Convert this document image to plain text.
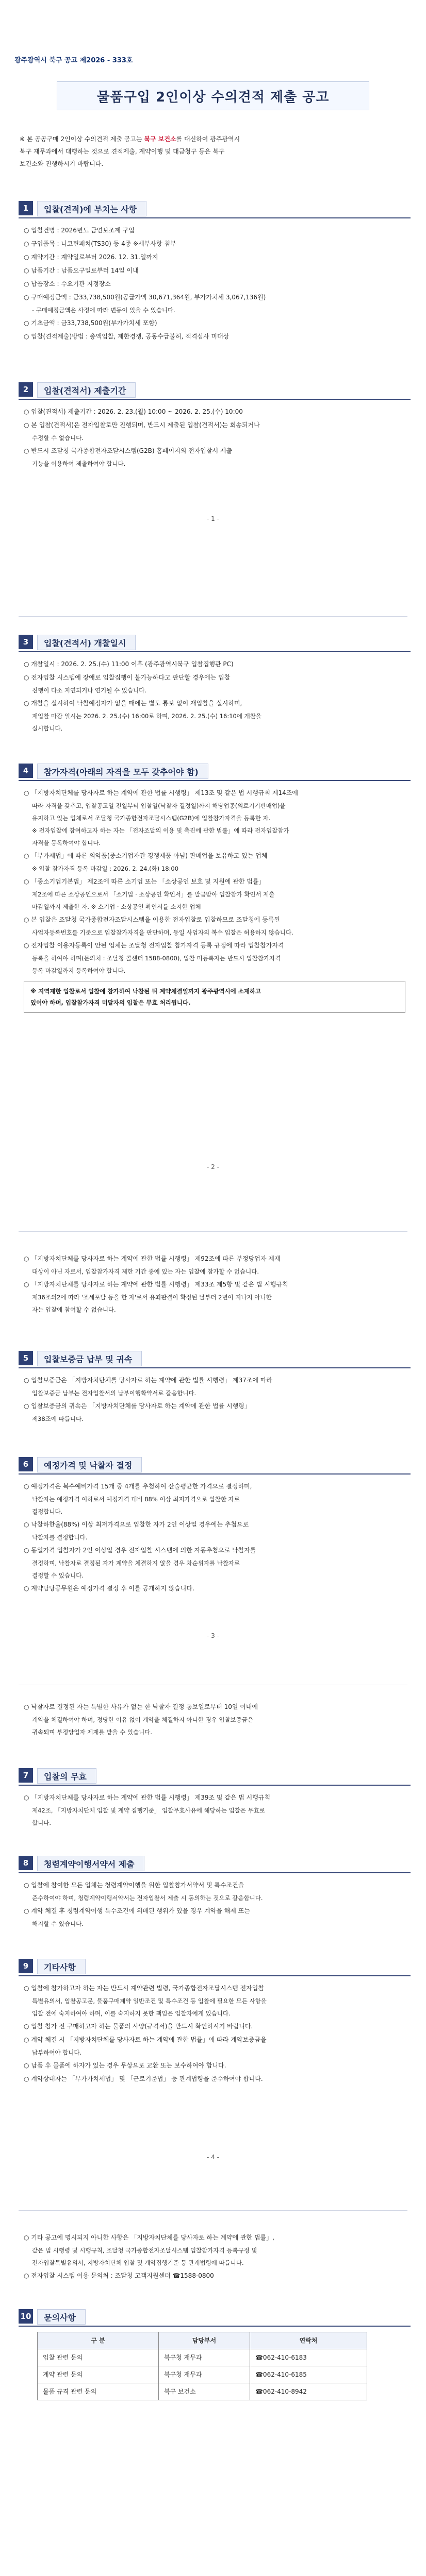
광주광역시 북구 공고 제2026 - 333호
물품구입 2인이상 수의견적 제출 공고
※ 본 공공구매 2인이상 수의견적 제출 공고는 북구 보건소를 대신하여 광주광역시
북구 재무과에서 대행하는 것으로 견적제출, 계약이행 및 대금청구 등은 북구
보건소와 진행하시기 바랍니다.
1	입찰(견적)에 부치는 사항
○ 입찰건명 : 2026년도 금연보조제 구입
○ 구입품목 : 니코틴패치(TS30) 등 4종 ※세부사항 첨부
○ 계약기간 : 계약일로부터 2026. 12. 31.일까지
○ 납품기간 : 납품요구일로부터 14일 이내
○ 납품장소 : 수요기관 지정장소
○ 구매예정금액 : 금33,738,500원(공급가액 30,671,364원, 부가가치세 3,067,136원)
- 구매예정금액은 사정에 따라 변동이 있을 수 있습니다.
○ 기초금액 : 금33,738,500원(부가가치세 포함)
○ 입찰(견적제출)방법 : 총액입찰, 제한경쟁, 공동수급불허, 적격심사 미대상
2	입찰(견적서) 제출기간
○ 입찰(견적서) 제출기간 : 2026. 2. 23.(월) 10:00 ~ 2026. 2. 25.(수) 10:00
○ 본 입찰(견적서)은 전자입찰로만 진행되며, 반드시 제출된 입찰(견적서)는 회송되거나
수정할 수 없습니다.
○ 반드시 조달청 국가종합전자조달시스템(G2B) 홈페이지의 전자입찰서 제출
기능을 이용하여 제출하여야 합니다.
- 1 -
3	입찰(견적서) 개찰일시
○ 개찰일시 : 2026. 2. 25.(수) 11:00 이후 (광주광역시북구 입찰집행관 PC)
○ 전자입찰 시스템에 장애로 입찰집행이 불가능하다고 판단할 경우에는 입찰
진행이 다소 지연되거나 연기될 수 있습니다.
○ 개찰을 실시하여 낙찰예정자가 없을 때에는 별도 통보 없이 재입찰을 실시하며,
재입찰 마감 일시는 2026. 2. 25.(수) 16:00로 하며, 2026. 2. 25.(수) 16:10에 개찰을
실시합니다.
4	참가자격(아래의 자격을 모두 갖추어야 함)
○ 「지방자치단체를 당사자로 하는 계약에 관한 법률 시행령」 제13조 및 같은 법 시행규칙 제14조에
따라 자격을 갖추고, 입찰공고일 전일부터 입찰일(낙찰자 결정일)까지 해당업종(의료기기판매업)을
유지하고 있는 업체로서 조달청 국가종합전자조달시스템(G2B)에 입찰참가자격을 등록한 자.
※ 전자입찰에 참여하고자 하는 자는 「전자조달의 이용 및 촉진에 관한 법률」에 따라 전자입찰참가
자격을 등록하여야 합니다.
○ 「부가세법」에 따른 의약품(중소기업자간 경쟁제품 아님) 판매업을 보유하고 있는 업체
※ 입찰 참가자격 등록 마감일 : 2026. 2. 24.(화) 18:00
○ 「중소기업기본법」 제2조에 따른 소기업 또는 「소상공인 보호 및 지원에 관한 법률」
제2조에 따른 소상공인으로서 「소기업 · 소상공인 확인서」를 발급받아 입찰참가 확인서 제출
마감일까지 제출한 자. ※ 소기업 · 소상공인 확인서를 소지한 업체
○ 본 입찰은 조달청 국가종합전자조달시스템을 이용한 전자입찰로 입찰하므로 조달청에 등록된
사업자등록번호를 기준으로 입찰참가자격을 판단하며, 동일 사업자의 복수 입찰은 허용하지 않습니다.
○ 전자입찰 이용자등록이 안된 업체는 조달청 전자입찰 참가자격 등록 규정에 따라 입찰참가자격
등록을 하여야 하며(문의처 : 조달청 콜센터 1588-0800), 입찰 미등록자는 반드시 입찰참가자격
등록 마감일까지 등록하여야 합니다.
※ 지역제한 입찰로서 입찰에 참가하여 낙찰된 뒤 계약체결일까지 광주광역시에 소재하고
있어야 하며, 입찰참가자격 미달자의 입찰은 무효 처리됩니다.
- 2 -
○ 「지방자치단체를 당사자로 하는 계약에 관한 법률 시행령」 제92조에 따른 부정당업자 제재
대상이 아닌 자로서, 입찰참가자격 제한 기간 중에 있는 자는 입찰에 참가할 수 없습니다.
○ 「지방자치단체를 당사자로 하는 계약에 관한 법률 시행령」 제33조 제5항 및 같은 법 시행규칙
제36조의2에 따라 '조세포탈 등을 한 자'로서 유죄판결이 확정된 날부터 2년이 지나지 아니한
자는 입찰에 참여할 수 없습니다.
5	입찰보증금 납부 및 귀속
○ 입찰보증금은 「지방자치단체를 당사자로 하는 계약에 관한 법률 시행령」 제37조에 따라
입찰보증금 납부는 전자입찰서의 납부이행확약서로 갈음합니다.
○ 입찰보증금의 귀속은 「지방자치단체를 당사자로 하는 계약에 관한 법률 시행령」
제38조에 따릅니다.
6	예정가격 및 낙찰자 결정
○ 예정가격은 복수예비가격 15개 중 4개를 추첨하여 산술평균한 가격으로 결정하며,
낙찰자는 예정가격 이하로서 예정가격 대비 88% 이상 최저가격으로 입찰한 자로
결정합니다.
○ 낙찰하한율(88%) 이상 최저가격으로 입찰한 자가 2인 이상일 경우에는 추첨으로
낙찰자를 결정합니다.
○ 동일가격 입찰자가 2인 이상일 경우 전자입찰 시스템에 의한 자동추첨으로 낙찰자를
결정하며, 낙찰자로 결정된 자가 계약을 체결하지 않을 경우 차순위자를 낙찰자로
결정할 수 있습니다.
○ 계약담당공무원은 예정가격 결정 후 이를 공개하지 않습니다.
- 3 -
○ 낙찰자로 결정된 자는 특별한 사유가 없는 한 낙찰자 결정 통보일로부터 10일 이내에
계약을 체결하여야 하며, 정당한 이유 없이 계약을 체결하지 아니한 경우 입찰보증금은
귀속되며 부정당업자 제재를 받을 수 있습니다.
7	입찰의 무효
○ 「지방자치단체를 당사자로 하는 계약에 관한 법률 시행령」 제39조 및 같은 법 시행규칙
제42조, 「지방자치단체 입찰 및 계약 집행기준」 입찰무효사유에 해당하는 입찰은 무효로
합니다.
8	청렴계약이행서약서 제출
○ 입찰에 참여한 모든 업체는 청렴계약이행을 위한 입찰참가서약서 및 특수조건을
준수하여야 하며, 청렴계약이행서약서는 전자입찰서 제출 시 동의하는 것으로 갈음합니다.
○ 계약 체결 후 청렴계약이행 특수조건에 위배된 행위가 있을 경우 계약을 해제 또는
해지할 수 있습니다.
9	기타사항
○ 입찰에 참가하고자 하는 자는 반드시 계약관련 법령, 국가종합전자조달시스템 전자입찰
특별유의서, 입찰공고문, 물품구매계약 일반조건 및 특수조건 등 입찰에 필요한 모든 사항을
입찰 전에 숙지하여야 하며, 이를 숙지하지 못한 책임은 입찰자에게 있습니다.
○ 입찰 참가 전 구매하고자 하는 물품의 사양(규격서)을 반드시 확인하시기 바랍니다.
○ 계약 체결 시 「지방자치단체를 당사자로 하는 계약에 관한 법률」에 따라 계약보증금을
납부하여야 합니다.
○ 납품 후 물품에 하자가 있는 경우 무상으로 교환 또는 보수하여야 합니다.
○ 계약상대자는 「부가가치세법」 및 「근로기준법」 등 관계법령을 준수하여야 합니다.
- 4 -
○ 기타 공고에 명시되지 아니한 사항은 「지방자치단체를 당사자로 하는 계약에 관한 법률」,
같은 법 시행령 및 시행규칙, 조달청 국가종합전자조달시스템 입찰참가자격 등록규정 및
전자입찰특별유의서, 지방자치단체 입찰 및 계약집행기준 등 관계법령에 따릅니다.
○ 전자입찰 시스템 이용 문의처 : 조달청 고객지원센터 ☎1588-0800
10	문의사항
구 분	담당부서	연락처
입찰 관련 문의	북구청 재무과	☎062-410-6183
계약 관련 문의	북구청 재무과	☎062-410-6185
물품 규격 관련 문의	북구 보건소	☎062-410-8942
